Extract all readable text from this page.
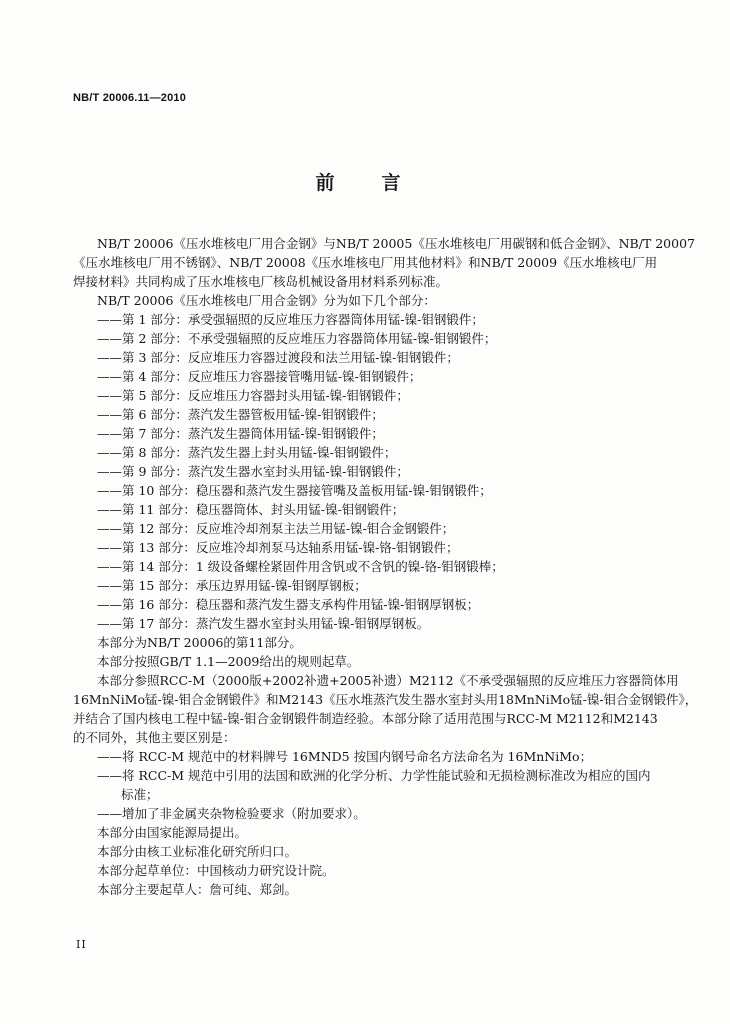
NB/T 20006.11—2010
前　言
NB/T 20006《压水堆核电厂用合金钢》与NB/T 20005《压水堆核电厂用碳钢和低合金钢》、NB/T 20007
《压水堆核电厂用不锈钢》、NB/T 20008《压水堆核电厂用其他材料》和NB/T 20009《压水堆核电厂用
焊接材料》共同构成了压水堆核电厂核岛机械设备用材料系列标准。
NB/T 20006《压水堆核电厂用合金钢》分为如下几个部分：
——第 1 部分：承受强辐照的反应堆压力容器筒体用锰-镍-钼钢锻件；
——第 2 部分：不承受强辐照的反应堆压力容器筒体用锰-镍-钼钢锻件；
——第 3 部分：反应堆压力容器过渡段和法兰用锰-镍-钼钢锻件；
——第 4 部分：反应堆压力容器接管嘴用锰-镍-钼钢锻件；
——第 5 部分：反应堆压力容器封头用锰-镍-钼钢锻件；
——第 6 部分：蒸汽发生器管板用锰-镍-钼钢锻件；
——第 7 部分：蒸汽发生器筒体用锰-镍-钼钢锻件；
——第 8 部分：蒸汽发生器上封头用锰-镍-钼钢锻件；
——第 9 部分：蒸汽发生器水室封头用锰-镍-钼钢锻件；
——第 10 部分：稳压器和蒸汽发生器接管嘴及盖板用锰-镍-钼钢锻件；
——第 11 部分：稳压器筒体、封头用锰-镍-钼钢锻件；
——第 12 部分：反应堆冷却剂泵主法兰用锰-镍-钼合金钢锻件；
——第 13 部分：反应堆冷却剂泵马达轴系用锰-镍-铬-钼钢锻件；
——第 14 部分：1 级设备螺栓紧固件用含钒或不含钒的镍-铬-钼钢锻棒；
——第 15 部分：承压边界用锰-镍-钼钢厚钢板；
——第 16 部分：稳压器和蒸汽发生器支承构件用锰-镍-钼钢厚钢板；
——第 17 部分：蒸汽发生器水室封头用锰-镍-钼钢厚钢板。
本部分为NB/T 20006的第11部分。
本部分按照GB/T 1.1—2009给出的规则起草。
本部分参照RCC-M（2000版+2002补遗+2005补遗）M2112《不承受强辐照的反应堆压力容器筒体用
16MnNiMo锰-镍-钼合金钢锻件》和M2143《压水堆蒸汽发生器水室封头用18MnNiMo锰-镍-钼合金钢锻件》，
并结合了国内核电工程中锰-镍-钼合金钢锻件制造经验。本部分除了适用范围与RCC-M M2112和M2143
的不同外，其他主要区别是：
——将 RCC-M 规范中的材料牌号 16MND5 按国内钢号命名方法命名为 16MnNiMo；
——将 RCC-M 规范中引用的法国和欧洲的化学分析、力学性能试验和无损检测标准改为相应的国内
标准；
——增加了非金属夹杂物检验要求（附加要求）。
本部分由国家能源局提出。
本部分由核工业标准化研究所归口。
本部分起草单位：中国核动力研究设计院。
本部分主要起草人：詹可纯、郑剑。
II
